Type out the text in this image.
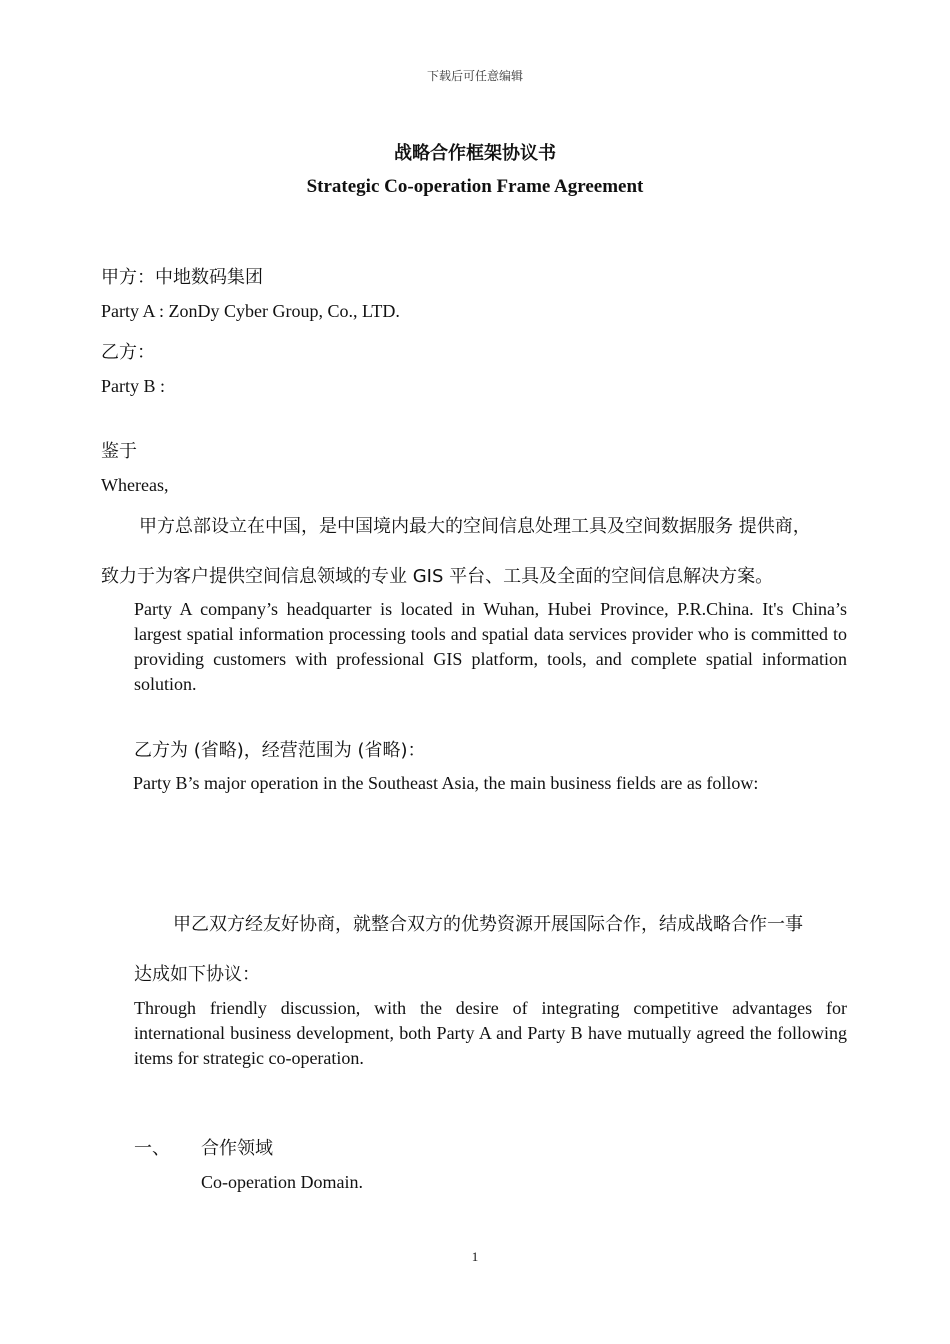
下载后可任意编辑
战略合作框架协议书
Strategic Co-operation Frame Agreement
甲方：中地数码集团
Party A : ZonDy Cyber Group, Co., LTD.
乙方：
Party B :
鉴于
Whereas,
甲方总部设立在中国，是中国境内最大的空间信息处理工具及空间数据服务 提供商，
致力于为客户提供空间信息领域的专业 GIS 平台、工具及全面的空间信息解决方案。
Party A company’s headquarter is located in Wuhan, Hubei Province, P.R.China. It's China’s largest spatial information processing tools and spatial data services provider who is committed to providing customers with professional GIS platform, tools, and complete spatial information solution.
乙方为 (省略)，经营范围为 (省略)：
Party B’s major operation in the Southeast Asia, the main business fields are as follow:
甲乙双方经友好协商，就整合双方的优势资源开展国际合作，结成战略合作一事
达成如下协议：
Through friendly discussion, with the desire of integrating competitive advantages for international business development, both Party A and Party B have mutually agreed the following items for strategic co-operation.
一、 合作领域
Co-operation Domain.
1
